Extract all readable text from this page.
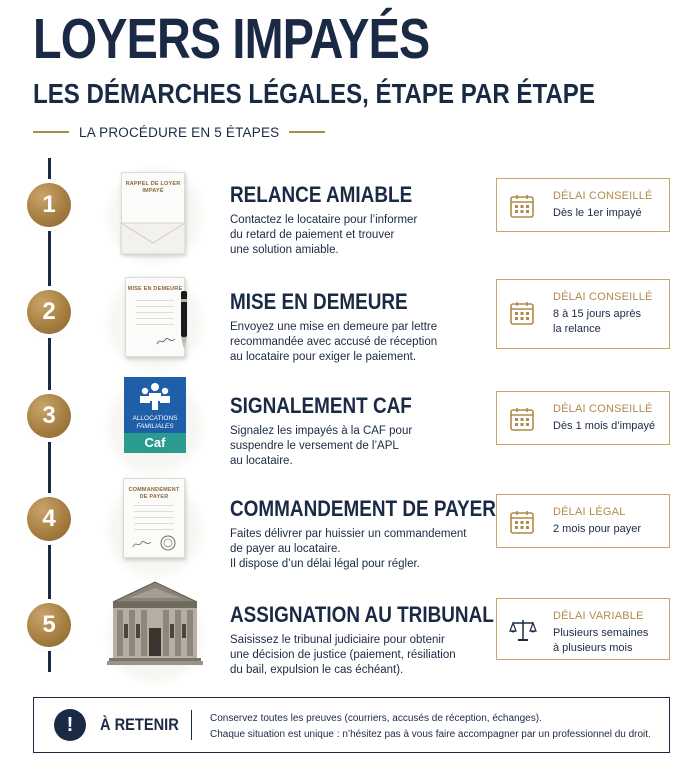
LOYERS IMPAYÉS
LES DÉMARCHES LÉGALES, ÉTAPE PAR ÉTAPE
LA PROCÉDURE EN 5 ÉTAPES
1
RAPPEL DE LOYER
IMPAYÉ	RELANCE AMIABLE
Contactez le locataire pour l’informer
du retard de paiement et trouver
une solution amiable.
DÉLAI CONSEILLÉ
Dès le 1er impayé
2
MISE EN DEMEURE MISE EN DEMEURE
Envoyez une mise en demeure par lettre
recommandée avec accusé de réception
au locataire pour exiger le paiement.
DÉLAI CONSEILLÉ
8 à 15 jours après
la relance
3	ALLOCATIONS
FAMILIALES
Caf
SIGNALEMENT CAF
Signalez les impayés à la CAF pour
suspendre le versement de l’APL
au locataire.
DÉLAI CONSEILLÉ
Dès 1 mois d’impayé
4
COMMANDEMENT
DE PAYER	COMMANDEMENT DE PAYER
Faites délivrer par huissier un commandement
de payer au locataire.
Il dispose d’un délai légal pour régler.
DÉLAI LÉGAL
2 mois pour payer
5	ASSIGNATION AU TRIBUNAL
Saisissez le tribunal judiciaire pour obtenir
une décision de justice (paiement, résiliation
du bail, expulsion le cas échéant).
DÉLAI VARIABLE
Plusieurs semaines
à plusieurs mois
!	À RETENIR	Conservez toutes les preuves (courriers, accusés de réception, échanges).
Chaque situation est unique : n’hésitez pas à vous faire accompagner par un professionnel du droit.
